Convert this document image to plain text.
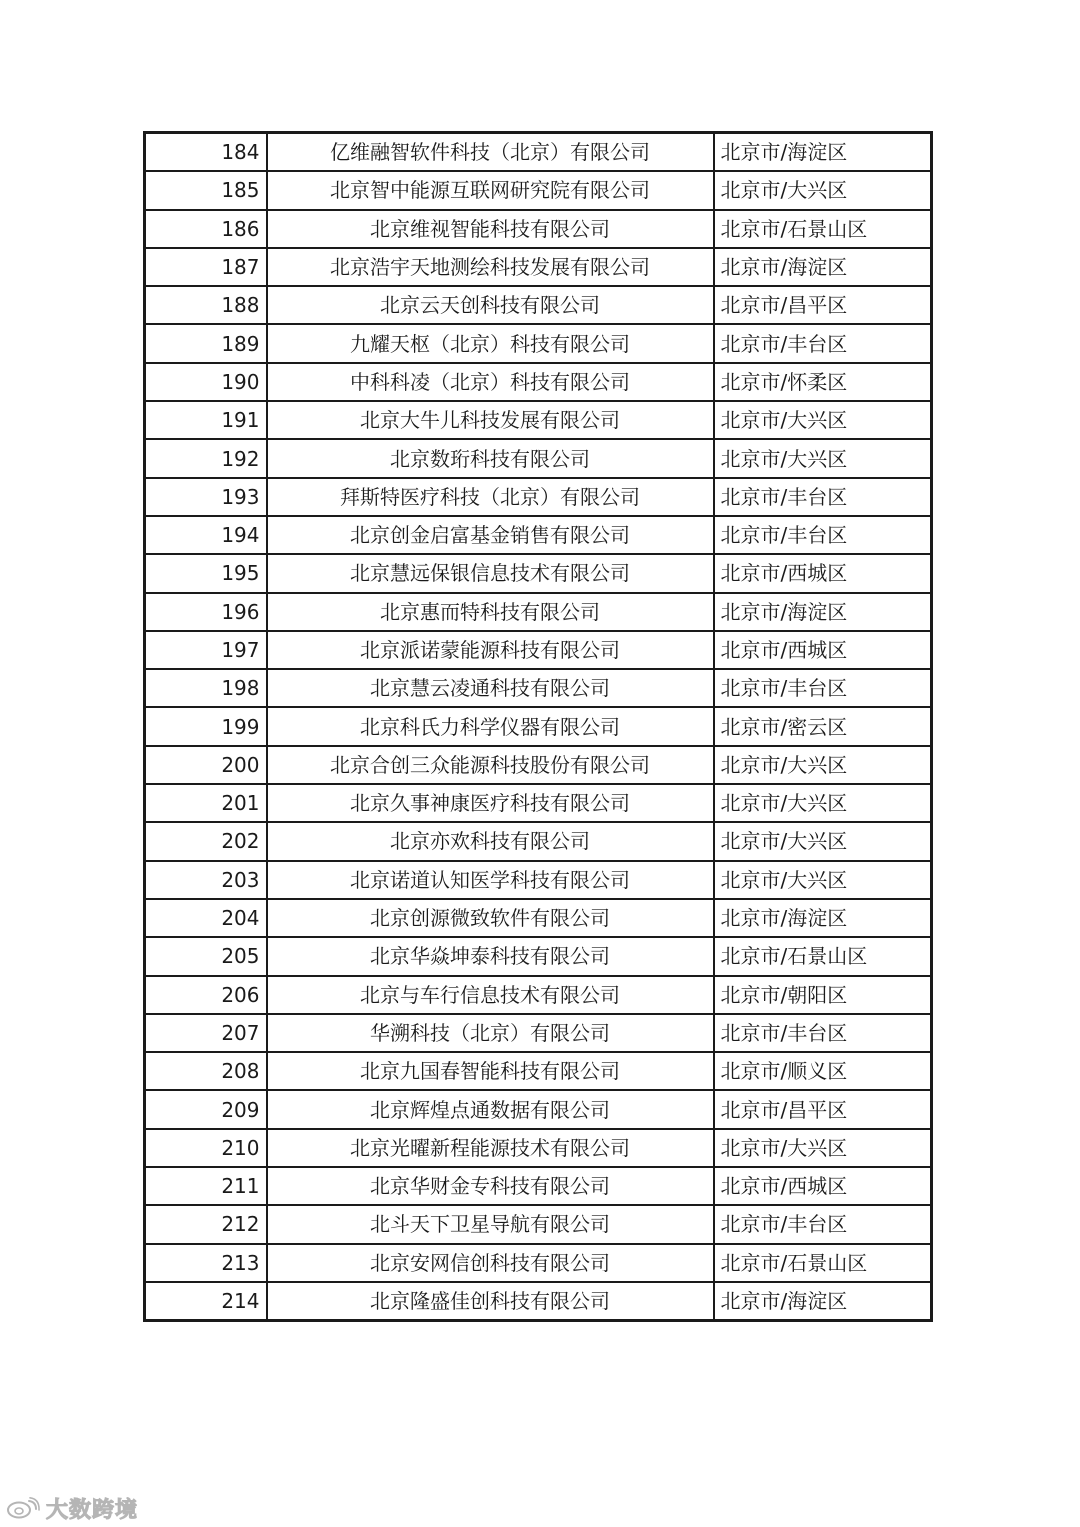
184	亿维融智软件科技（北京）有限公司	北京市/海淀区
185	北京智中能源互联网研究院有限公司	北京市/大兴区
186	北京维视智能科技有限公司	北京市/石景山区
187	北京浩宇天地测绘科技发展有限公司	北京市/海淀区
188	北京云天创科技有限公司	北京市/昌平区
189	九耀天枢（北京）科技有限公司	北京市/丰台区
190	中科科凌（北京）科技有限公司	北京市/怀柔区
191	北京大牛儿科技发展有限公司	北京市/大兴区
192	北京数珩科技有限公司	北京市/大兴区
193	拜斯特医疗科技（北京）有限公司	北京市/丰台区
194	北京创金启富基金销售有限公司	北京市/丰台区
195	北京慧远保银信息技术有限公司	北京市/西城区
196	北京惠而特科技有限公司	北京市/海淀区
197	北京派诺蒙能源科技有限公司	北京市/西城区
198	北京慧云凌通科技有限公司	北京市/丰台区
199	北京科氏力科学仪器有限公司	北京市/密云区
200	北京合创三众能源科技股份有限公司	北京市/大兴区
201	北京久事神康医疗科技有限公司	北京市/大兴区
202	北京亦欢科技有限公司	北京市/大兴区
203	北京诺道认知医学科技有限公司	北京市/大兴区
204	北京创源微致软件有限公司	北京市/海淀区
205	北京华焱坤泰科技有限公司	北京市/石景山区
206	北京与车行信息技术有限公司	北京市/朝阳区
207	华溯科技（北京）有限公司	北京市/丰台区
208	北京九国春智能科技有限公司	北京市/顺义区
209	北京辉煌点通数据有限公司	北京市/昌平区
210	北京光曜新程能源技术有限公司	北京市/大兴区
211	北京华财金专科技有限公司	北京市/西城区
212	北斗天下卫星导航有限公司	北京市/丰台区
213	北京安网信创科技有限公司	北京市/石景山区
214	北京隆盛佳创科技有限公司	北京市/海淀区
大数跨境
